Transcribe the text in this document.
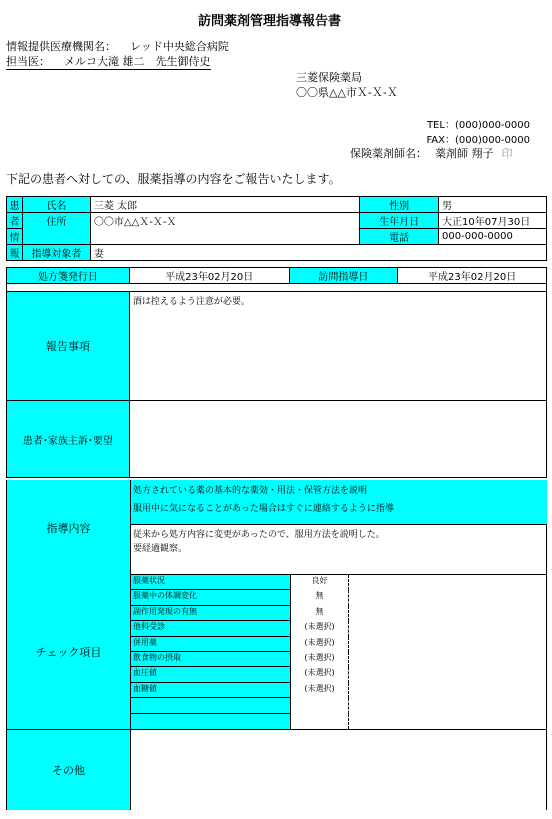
訪問薬剤管理指導報告書
情報提供医療機関名： レッド中央総合病院
担当医： メルコ大滝 雄二　先生御侍史
三菱保険薬局
〇〇県△△市Ｘ-Ｘ-Ｘ
TEL：(000)000-0000
FAX：(000)000-0000
保険薬剤師名： 薬剤師 翔子 印
下記の患者へ対しての、服薬指導の内容をご報告いたします。
患	氏名	三菱 太郎	性別	男
者	住所	〇〇市△△Ｘ-Ｘ-Ｘ	生年月日	大正10年07月30日
情			電話	000-000-0000
報	指導対象者	妻		
処方箋発行日	平成23年02月20日	訪問指導日	平成23年02月20日

報告事項	酒は控えるよう注意が必要。		
患者･家族主訴･要望			
指導内容
処方されている薬の基本的な薬効・用法・保管方法を説明
服用中に気になることがあった場合はすぐに連絡するように指導
従来から処方内容に変更があったので、服用方法を説明した。
要経過観察。
チェック項目
服薬状況	良好
服薬中の体調変化	無
副作用発現の有無	無
他科受診	(未選択)
併用薬	(未選択)
飲食物の摂取	(未選択)
血圧値	(未選択)
血糖値	(未選択)
その他
